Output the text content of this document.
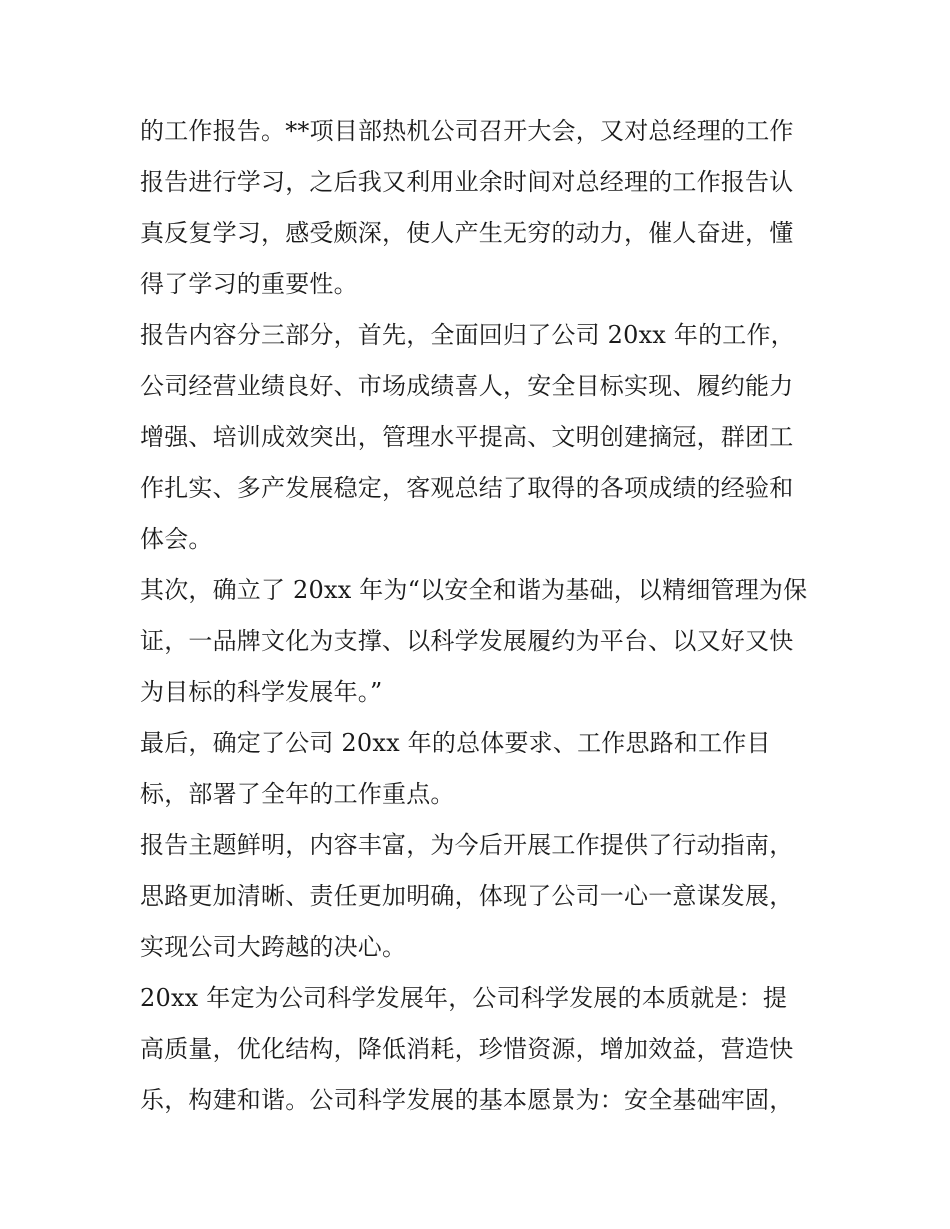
的工作报告。**项目部热机公司召开大会，又对总经理的工作
报告进行学习，之后我又利用业余时间对总经理的工作报告认
真反复学习，感受颇深，使人产生无穷的动力，催人奋进，懂
得了学习的重要性。
报告内容分三部分，首先，全面回归了公司 20xx 年的工作，
公司经营业绩良好、市场成绩喜人，安全目标实现、履约能力
增强、培训成效突出，管理水平提高、文明创建摘冠，群团工
作扎实、多产发展稳定，客观总结了取得的各项成绩的经验和
体会。
其次，确立了 20xx 年为“以安全和谐为基础，以精细管理为保
证，一品牌文化为支撑、以科学发展履约为平台、以又好又快
为目标的科学发展年。”
最后，确定了公司 20xx 年的总体要求、工作思路和工作目
标，部署了全年的工作重点。
报告主题鲜明，内容丰富，为今后开展工作提供了行动指南，
思路更加清晰、责任更加明确，体现了公司一心一意谋发展，
实现公司大跨越的决心。
20xx 年定为公司科学发展年，公司科学发展的本质就是：提
高质量，优化结构，降低消耗，珍惜资源，增加效益，营造快
乐，构建和谐。公司科学发展的基本愿景为：安全基础牢固，
